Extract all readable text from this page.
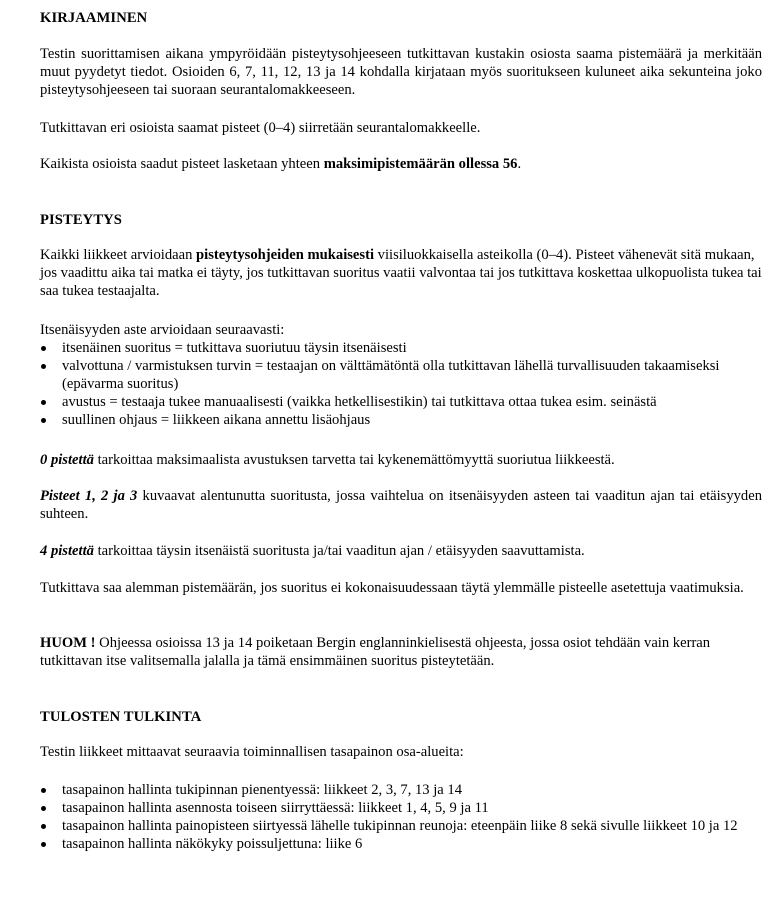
KIRJAAMINEN

Testin suorittamisen aikana ympyröidään pisteytysohjeeseen tutkittavan kustakin osiosta saama pistemäärä ja merkitään muut pyydetyt tiedot. Osioiden 6, 7, 11, 12, 13 ja 14 kohdalla kirjataan myös suoritukseen kuluneet aika sekunteina joko pisteytysohjeeseen tai suoraan seurantalomakkeeseen.

Tutkittavan eri osioista saamat pisteet (0–4) siirretään seurantalomakkeelle.

Kaikista osioista saadut pisteet lasketaan yhteen maksimipistemäärän ollessa 56.

PISTEYTYS

Kaikki liikkeet arvioidaan pisteytysohjeiden mukaisesti viisiluokkaisella asteikolla (0–4). Pisteet vähenevät sitä mukaan, jos vaadittu aika tai matka ei täyty, jos tutkittavan suoritus vaatii valvontaa tai jos tutkittava koskettaa ulkopuolista tukea tai saa tukea testaajalta.

Itsenäisyyden aste arvioidaan seuraavasti:

itsenäinen suoritus = tutkittava suoriutuu täysin itsenäisesti
valvottuna / varmistuksen turvin = testaajan on välttämätöntä olla tutkittavan lähellä turvallisuuden takaamiseksi (epävarma suoritus)
avustus = testaaja tukee manuaalisesti (vaikka hetkellisestikin) tai tutkittava ottaa tukea esim. seinästä
suullinen ohjaus = liikkeen aikana annettu lisäohjaus

0 pistettä tarkoittaa maksimaalista avustuksen tarvetta tai kykenemättömyyttä suoriutua liikkeestä.

Pisteet 1, 2 ja 3 kuvaavat alentunutta suoritusta, jossa vaihtelua on itsenäisyyden asteen tai vaaditun ajan tai etäisyyden suhteen.

4 pistettä tarkoittaa täysin itsenäistä suoritusta ja/tai vaaditun ajan / etäisyyden saavuttamista.

Tutkittava saa alemman pistemäärän, jos suoritus ei kokonaisuudessaan täytä ylemmälle pisteelle asetettuja vaatimuksia.

HUOM ! Ohjeessa osioissa 13 ja 14 poiketaan Bergin englanninkielisestä ohjeesta, jossa osiot tehdään vain kerran tutkittavan itse valitsemalla jalalla ja tämä ensimmäinen suoritus pisteytetään.

TULOSTEN TULKINTA

Testin liikkeet mittaavat seuraavia toiminnallisen tasapainon osa-alueita:

tasapainon hallinta tukipinnan pienentyessä: liikkeet 2, 3, 7, 13 ja 14
tasapainon hallinta asennosta toiseen siirryttäessä: liikkeet 1, 4, 5, 9 ja 11
tasapainon hallinta painopisteen siirtyessä lähelle tukipinnan reunoja: eteenpäin liike 8 sekä sivulle liikkeet 10 ja 12
tasapainon hallinta näkökyky poissuljettuna: liike 6
